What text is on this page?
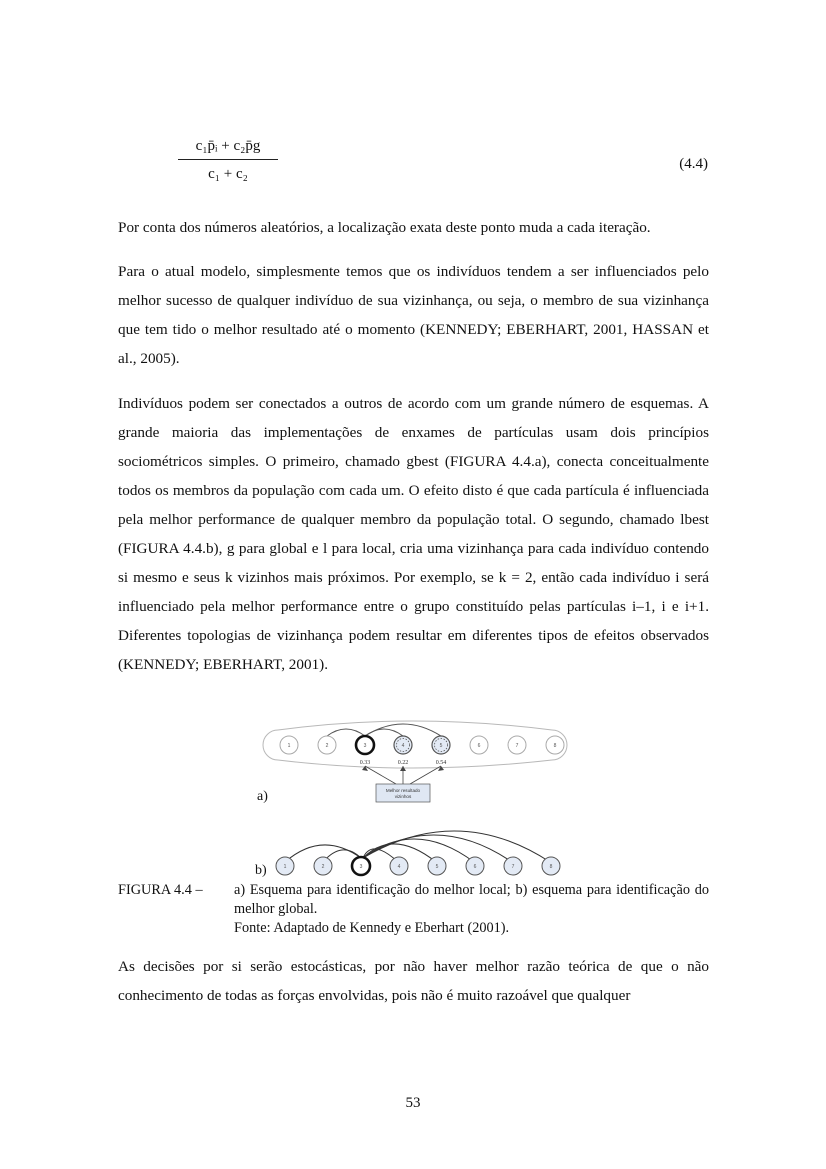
$\frac{\text{c₁p̄ᵢ + c₂p̄g}}{\text{c₁ + c₂}}$	(4.4)

Por conta dos números aleatórios, a localização exata deste ponto muda a cada iteração.

Para o atual modelo, simplesmente temos que os indivíduos tendem a ser influenciados pelo melhor sucesso de qualquer indivíduo de sua vizinhança, ou seja, o membro de sua vizinhança que tem tido o melhor resultado até o momento (KENNEDY; EBERHART, 2001, HASSAN et al., 2005).

Indivíduos podem ser conectados a outros de acordo com um grande número de esquemas. A grande maioria das implementações de enxames de partículas usam dois princípios sociométricos simples. O primeiro, chamado gbest (FIGURA 4.4.a), conecta conceitualmente todos os membros da população com cada um. O efeito disto é que cada partícula é influenciada pela melhor performance de qualquer membro da população total. O segundo, chamado lbest (FIGURA 4.4.b), g para global e l para local, cria uma vizinhança para cada indivíduo contendo si mesmo e seus k vizinhos mais próximos. Por exemplo, se k = 2, então cada indivíduo i será influenciado pela melhor performance entre o grupo constituído pelas partículas i–1, i e i+1. Diferentes topologias de vizinhança podem resultar em diferentes tipos de efeitos observados (KENNEDY; EBERHART, 2001).

1	2	3	4	5	6	7	8
0.33	0.22	0.54
Melhor resultado
vizinhos
1	2	3	4	5	6	7	8
a)
b)
FIGURA 4.4 –	a) Esquema para identificação do melhor local; b) esquema para identificação do melhor global.
Fonte: Adaptado de Kennedy e Eberhart (2001).

As decisões por si serão estocásticas, por não haver melhor razão teórica de que o não conhecimento de todas as forças envolvidas, pois não é muito razoável que qualquer

53
